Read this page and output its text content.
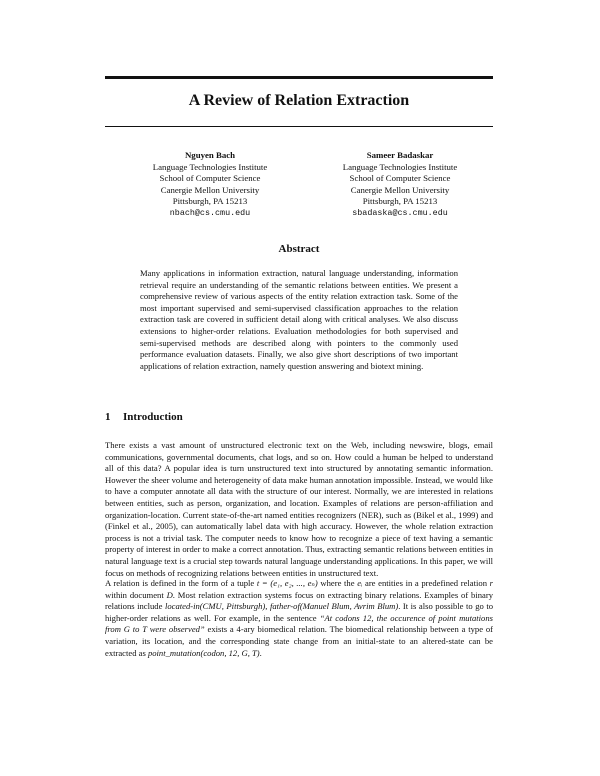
A Review of Relation Extraction
Nguyen Bach
Language Technologies Institute
School of Computer Science
Canergie Mellon University
Pittsburgh, PA 15213
nbach@cs.cmu.edu
Sameer Badaskar
Language Technologies Institute
School of Computer Science
Canergie Mellon University
Pittsburgh, PA 15213
sbadaska@cs.cmu.edu
Abstract
Many applications in information extraction, natural language understanding, information retrieval require an understanding of the semantic relations between entities. We present a comprehensive review of various aspects of the entity relation extraction task. Some of the most important supervised and semi-supervised classification approaches to the relation extraction task are covered in sufficient detail along with critical analyses. We also discuss extensions to higher-order relations. Evaluation methodologies for both supervised and semi-supervised methods are described along with pointers to the commonly used performance evaluation datasets. Finally, we also give short descriptions of two important applications of relation extraction, namely question answering and biotext mining.
1 Introduction
There exists a vast amount of unstructured electronic text on the Web, including newswire, blogs, email communications, governmental documents, chat logs, and so on. How could a human be helped to understand all of this data? A popular idea is turn unstructured text into structured by annotating semantic information. However the sheer volume and heterogeneity of data make human annotation impossible. Instead, we would like to have a computer annotate all data with the structure of our interest. Normally, we are interested in relations between entities, such as person, organization, and location. Examples of relations are person-affiliation and organization-location. Current state-of-the-art named entities recognizers (NER), such as (Bikel et al., 1999) and (Finkel et al., 2005), can automatically label data with high accuracy. However, the whole relation extraction process is not a trivial task. The computer needs to know how to recognize a piece of text having a semantic property of interest in order to make a correct annotation. Thus, extracting semantic relations between entities in natural language text is a crucial step towards natural language understanding applications. In this paper, we will focus on methods of recognizing relations between entities in unstructured text.
A relation is defined in the form of a tuple t = (e₁, e₂, ..., eₙ) where the eᵢ are entities in a predefined relation r within document D. Most relation extraction systems focus on extracting binary relations. Examples of binary relations include located-in(CMU, Pittsburgh), father-of(Manuel Blum, Avrim Blum). It is also possible to go to higher-order relations as well. For example, in the sentence “At codons 12, the occurence of point mutations from G to T were observed” exists a 4-ary biomedical relation. The biomedical relationship between a type of variation, its location, and the corresponding state change from an initial-state to an altered-state can be extracted as point_mutation(codon, 12, G, T).
